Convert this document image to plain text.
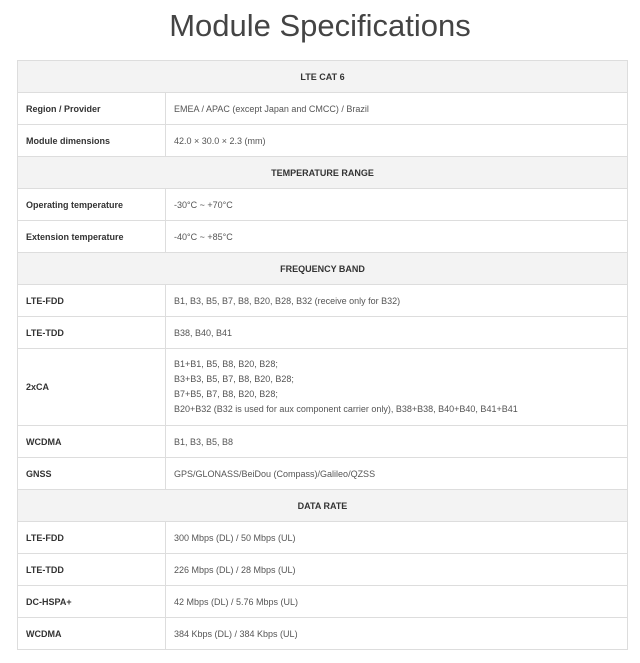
Module Specifications
LTE CAT 6	
Region / Provider	EMEA / APAC (except Japan and CMCC) / Brazil
Module dimensions	42.0 × 30.0 × 2.3 (mm)
TEMPERATURE RANGE	
Operating temperature	-30°C ~ +70°C
Extension temperature	-40°C ~ +85°C
FREQUENCY BAND	
LTE-FDD	B1, B3, B5, B7, B8, B20, B28, B32 (receive only for B32)
LTE-TDD	B38, B40, B41
2xCA	B1+B1, B5, B8, B20, B28;
B3+B3, B5, B7, B8, B20, B28;
B7+B5, B7, B8, B20, B28;
B20+B32 (B32 is used for aux component carrier only), B38+B38, B40+B40, B41+B41

WCDMA	B1, B3, B5, B8
GNSS	GPS/GLONASS/BeiDou (Compass)/Galileo/QZSS
DATA RATE	
LTE-FDD	300 Mbps (DL) / 50 Mbps (UL)
LTE-TDD	226 Mbps (DL) / 28 Mbps (UL)
DC-HSPA+	42 Mbps (DL) / 5.76 Mbps (UL)
WCDMA	384 Kbps (DL) / 384 Kbps (UL)
